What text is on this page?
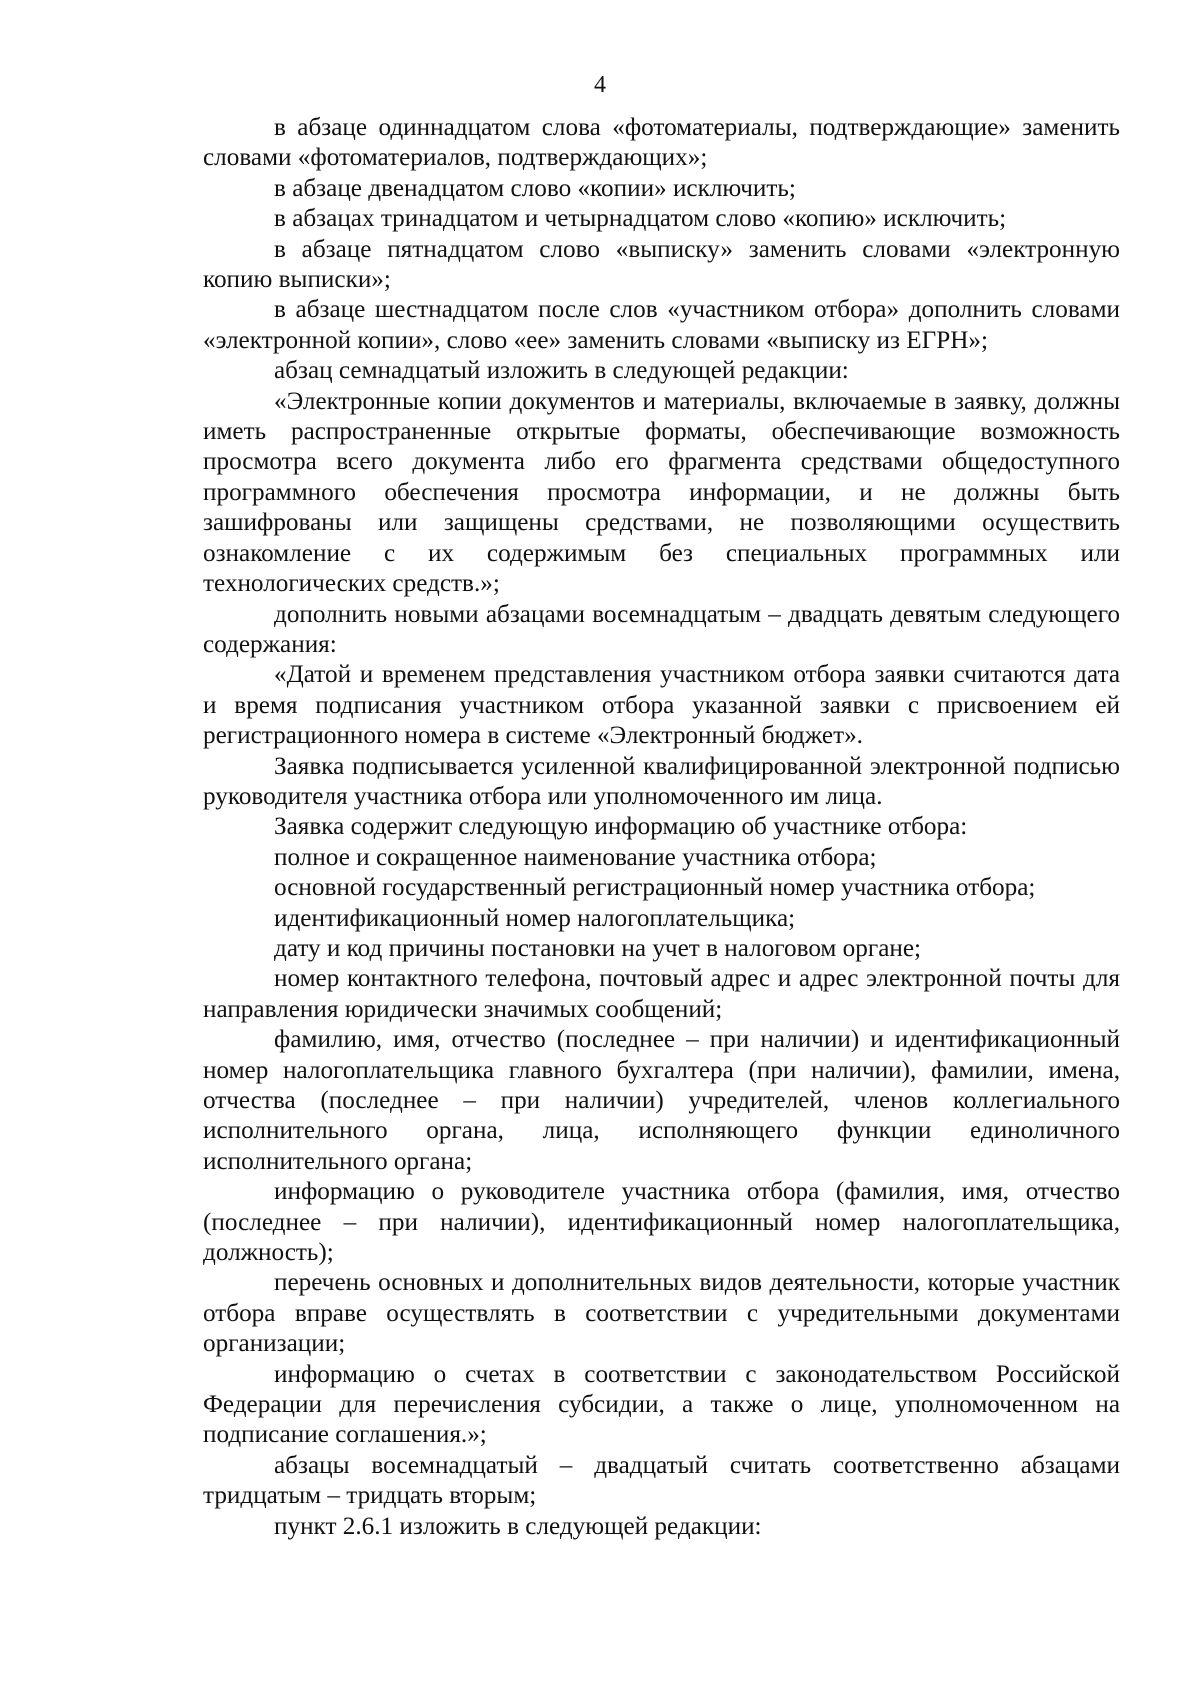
4

в абзаце одиннадцатом слова «фотоматериалы, подтверждающие» заменить словами «фотоматериалов, подтверждающих»;

в абзаце двенадцатом слово «копии» исключить;

в абзацах тринадцатом и четырнадцатом слово «копию» исключить;

в абзаце пятнадцатом слово «выписку» заменить словами «электронную копию выписки»;

в абзаце шестнадцатом после слов «участником отбора» дополнить словами «электронной копии», слово «ее» заменить словами «выписку из ЕГРН»;

абзац семнадцатый изложить в следующей редакции:

«Электронные копии документов и материалы, включаемые в заявку, должны иметь распространенные открытые форматы, обеспечивающие возможность просмотра всего документа либо его фрагмента средствами общедоступного программного обеспечения просмотра информации, и не должны быть зашифрованы или защищены средствами, не позволяющими осуществить ознакомление с их содержимым без специальных программных или технологических средств.»;

дополнить новыми абзацами восемнадцатым – двадцать девятым следующего содержания:

«Датой и временем представления участником отбора заявки считаются дата и время подписания участником отбора указанной заявки с присвоением ей регистрационного номера в системе «Электронный бюджет».

Заявка подписывается усиленной квалифицированной электронной подписью руководителя участника отбора или уполномоченного им лица.

Заявка содержит следующую информацию об участнике отбора:

полное и сокращенное наименование участника отбора;

основной государственный регистрационный номер участника отбора;

идентификационный номер налогоплательщика;

дату и код причины постановки на учет в налоговом органе;

номер контактного телефона, почтовый адрес и адрес электронной почты для направления юридически значимых сообщений;

фамилию, имя, отчество (последнее – при наличии) и идентификационный номер налогоплательщика главного бухгалтера (при наличии), фамилии, имена, отчества (последнее – при наличии) учредителей, членов коллегиального исполнительного органа, лица, исполняющего функции единоличного исполнительного органа;

информацию о руководителе участника отбора (фамилия, имя, отчество (последнее – при наличии), идентификационный номер налогоплательщика, должность);

перечень основных и дополнительных видов деятельности, которые участник отбора вправе осуществлять в соответствии с учредительными документами организации;

информацию о счетах в соответствии с законодательством Российской Федерации для перечисления субсидии, а также о лице, уполномоченном на подписание соглашения.»;

абзацы восемнадцатый – двадцатый считать соответственно абзацами тридцатым – тридцать вторым;

пункт 2.6.1 изложить в следующей редакции:
